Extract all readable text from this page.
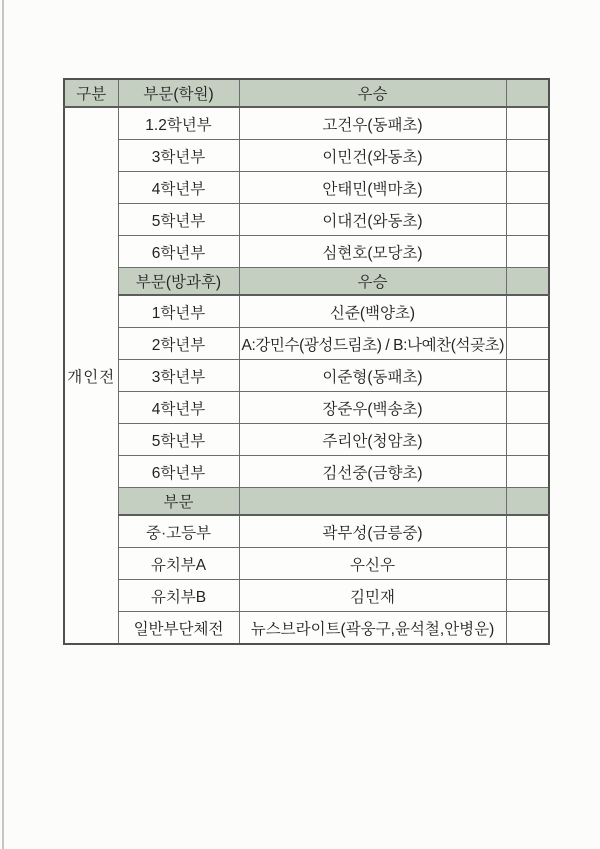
구분	부문(학원)	우승	
개인전	1.2학년부	고건우(동패초)	
	3학년부	이민건(와동초)	
	4학년부	안태민(백마초)	
	5학년부	이대건(와동초)	
	6학년부	심현호(모당초)	
	부문(방과후)	우승	
	1학년부	신준(백양초)	
	2학년부	A:강민수(광성드림초) / B:나예찬(석곶초)	
	3학년부	이준형(동패초)	
	4학년부	장준우(백송초)	
	5학년부	주리안(청암초)	
	6학년부	김선중(금향초)	
	부문		
	중·고등부	곽무성(금릉중)	
	유치부A	우신우	
	유치부B	김민재	
	일반부단체전	뉴스브라이트(곽웅구,윤석철,안병운)	
